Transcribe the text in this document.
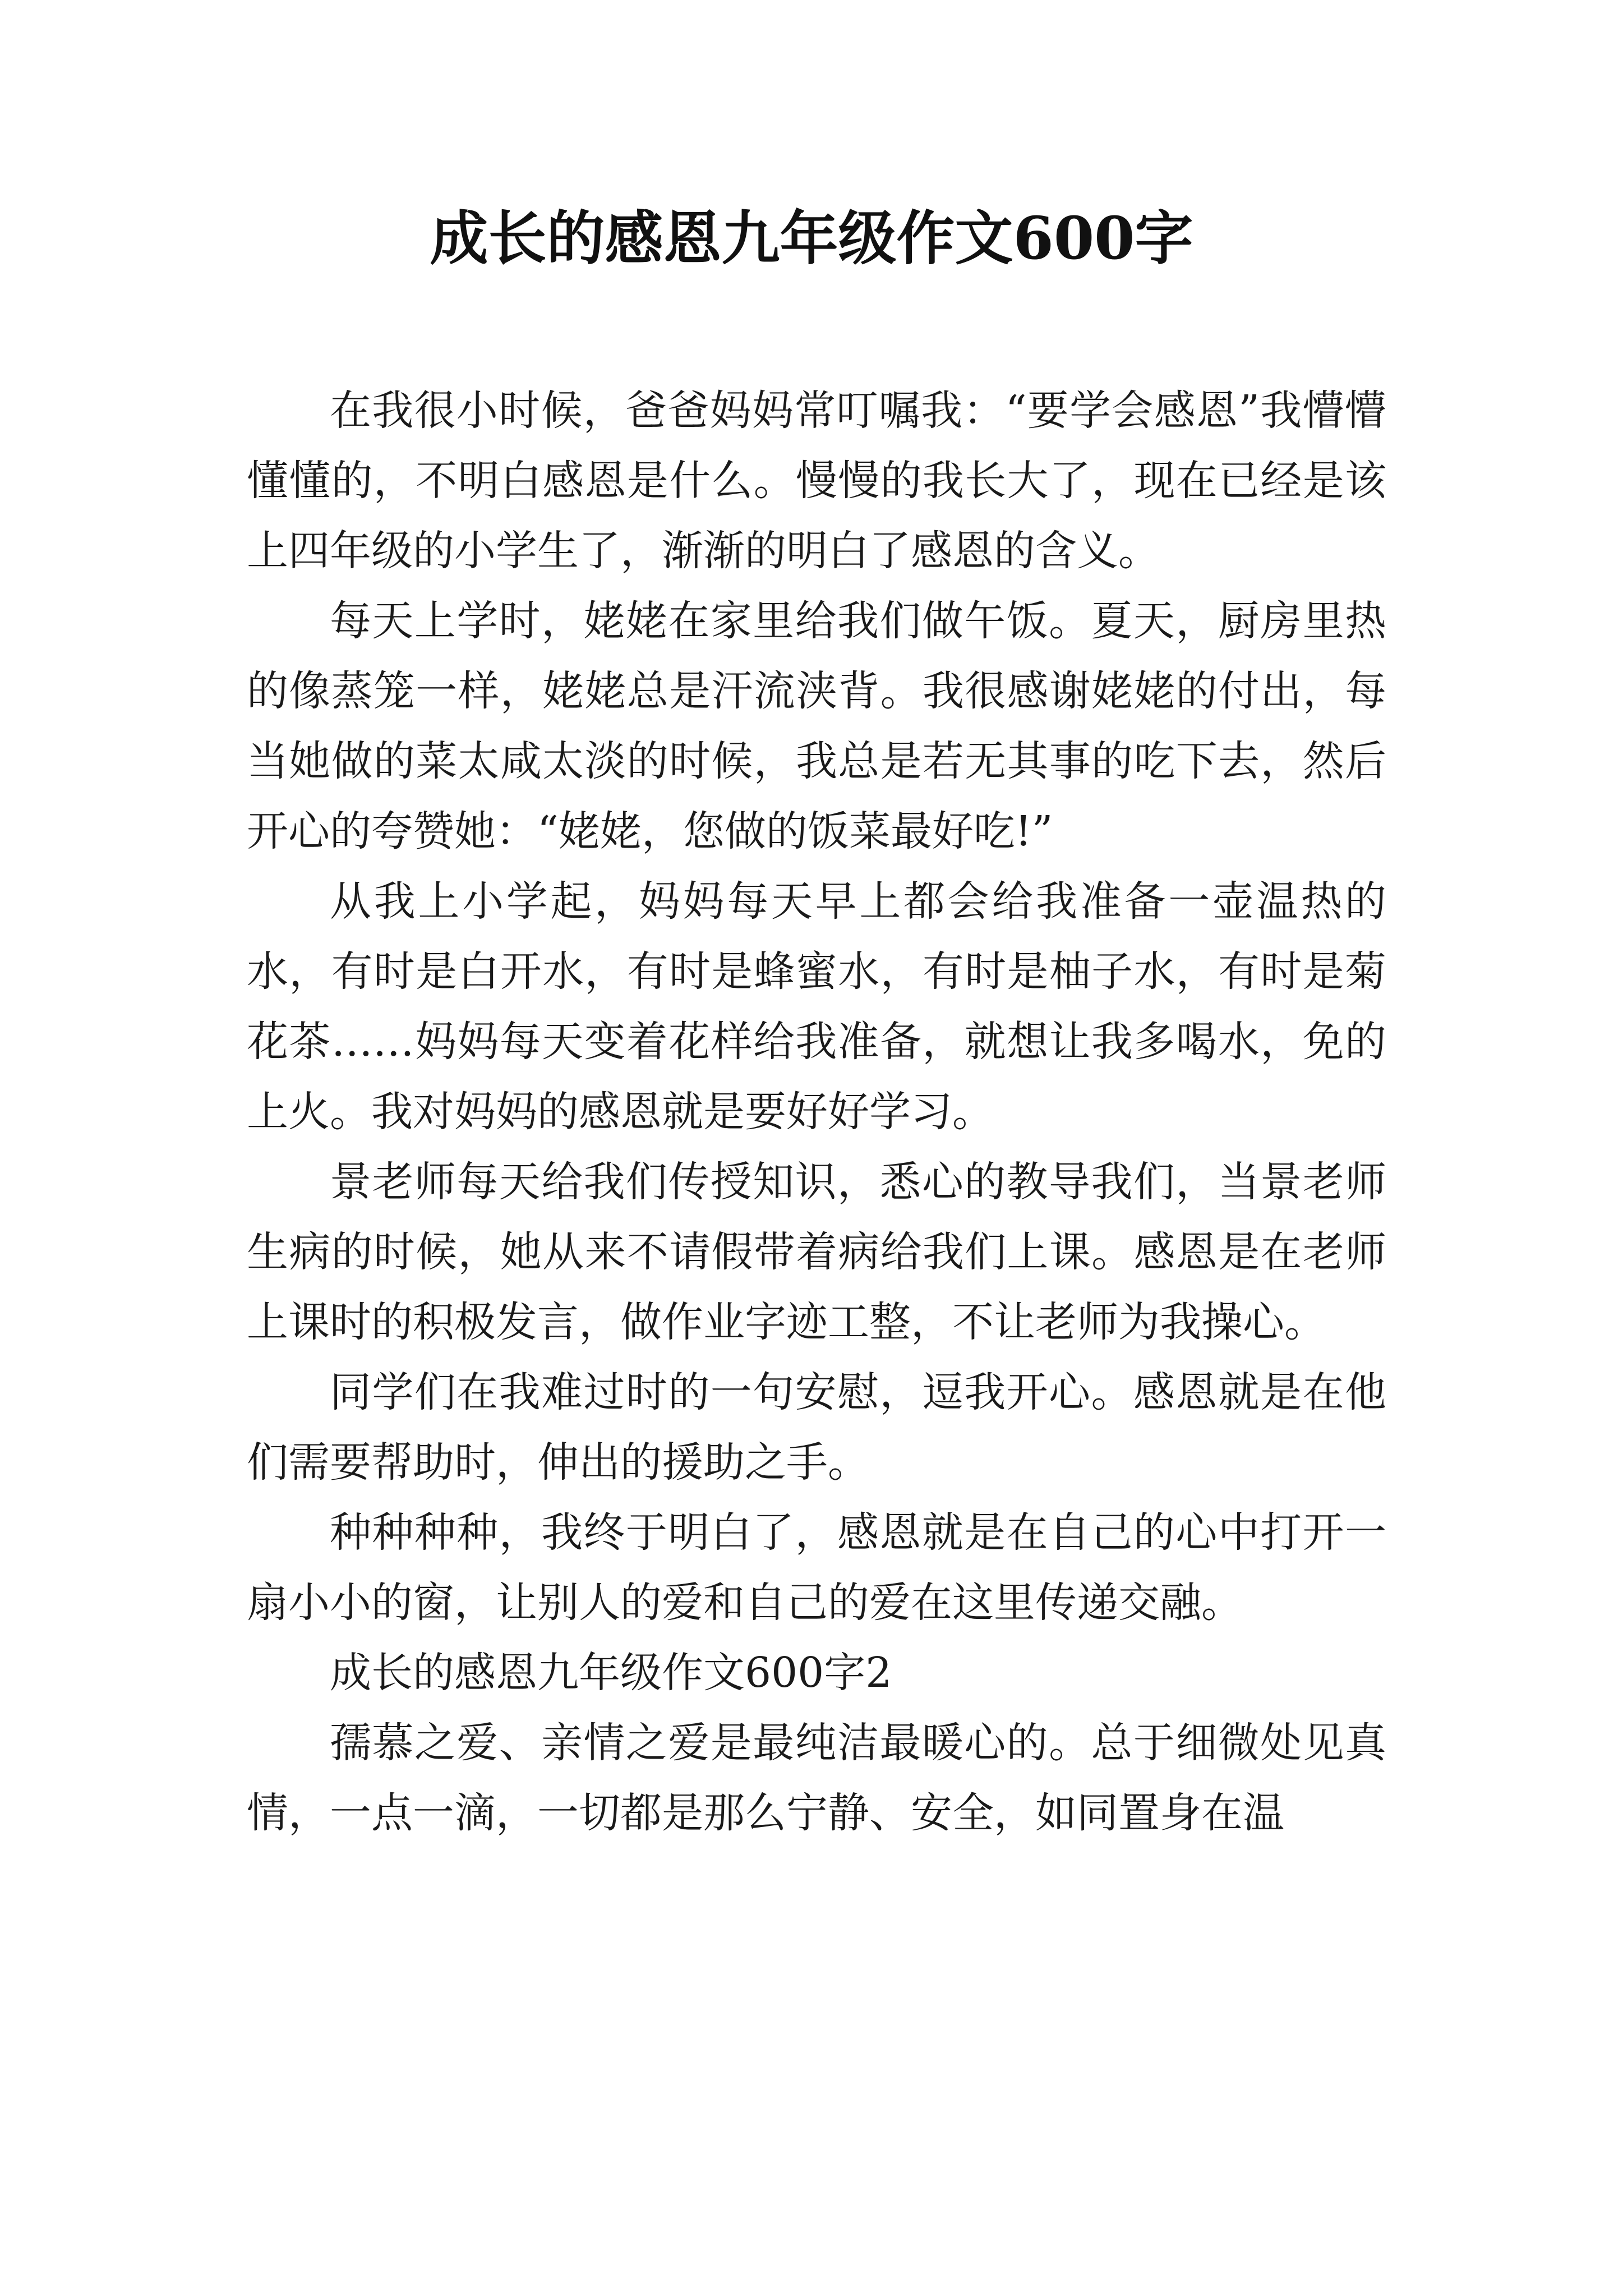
成长的感恩九年级作文600字

在我很小时候，爸爸妈妈常叮嘱我：“要学会感恩”我懵懵懂懂的，不明白感恩是什么。慢慢的我长大了，现在已经是该上四年级的小学生了，渐渐的明白了感恩的含义。

每天上学时，姥姥在家里给我们做午饭。夏天，厨房里热的像蒸笼一样，姥姥总是汗流浃背。我很感谢姥姥的付出，每当她做的菜太咸太淡的时候，我总是若无其事的吃下去，然后开心的夸赞她：“姥姥，您做的饭菜最好吃!”

从我上小学起，妈妈每天早上都会给我准备一壶温热的水，有时是白开水，有时是蜂蜜水，有时是柚子水，有时是菊花茶……妈妈每天变着花样给我准备，就想让我多喝水，免的上火。我对妈妈的感恩就是要好好学习。

景老师每天给我们传授知识，悉心的教导我们，当景老师生病的时候，她从来不请假带着病给我们上课。感恩是在老师上课时的积极发言，做作业字迹工整，不让老师为我操心。

同学们在我难过时的一句安慰，逗我开心。感恩就是在他们需要帮助时，伸出的援助之手。

种种种种，我终于明白了，感恩就是在自己的心中打开一扇小小的窗，让别人的爱和自己的爱在这里传递交融。

成长的感恩九年级作文600字2

孺慕之爱、亲情之爱是最纯洁最暖心的。总于细微处见真情，一点一滴，一切都是那么宁静、安全，如同置身在温
